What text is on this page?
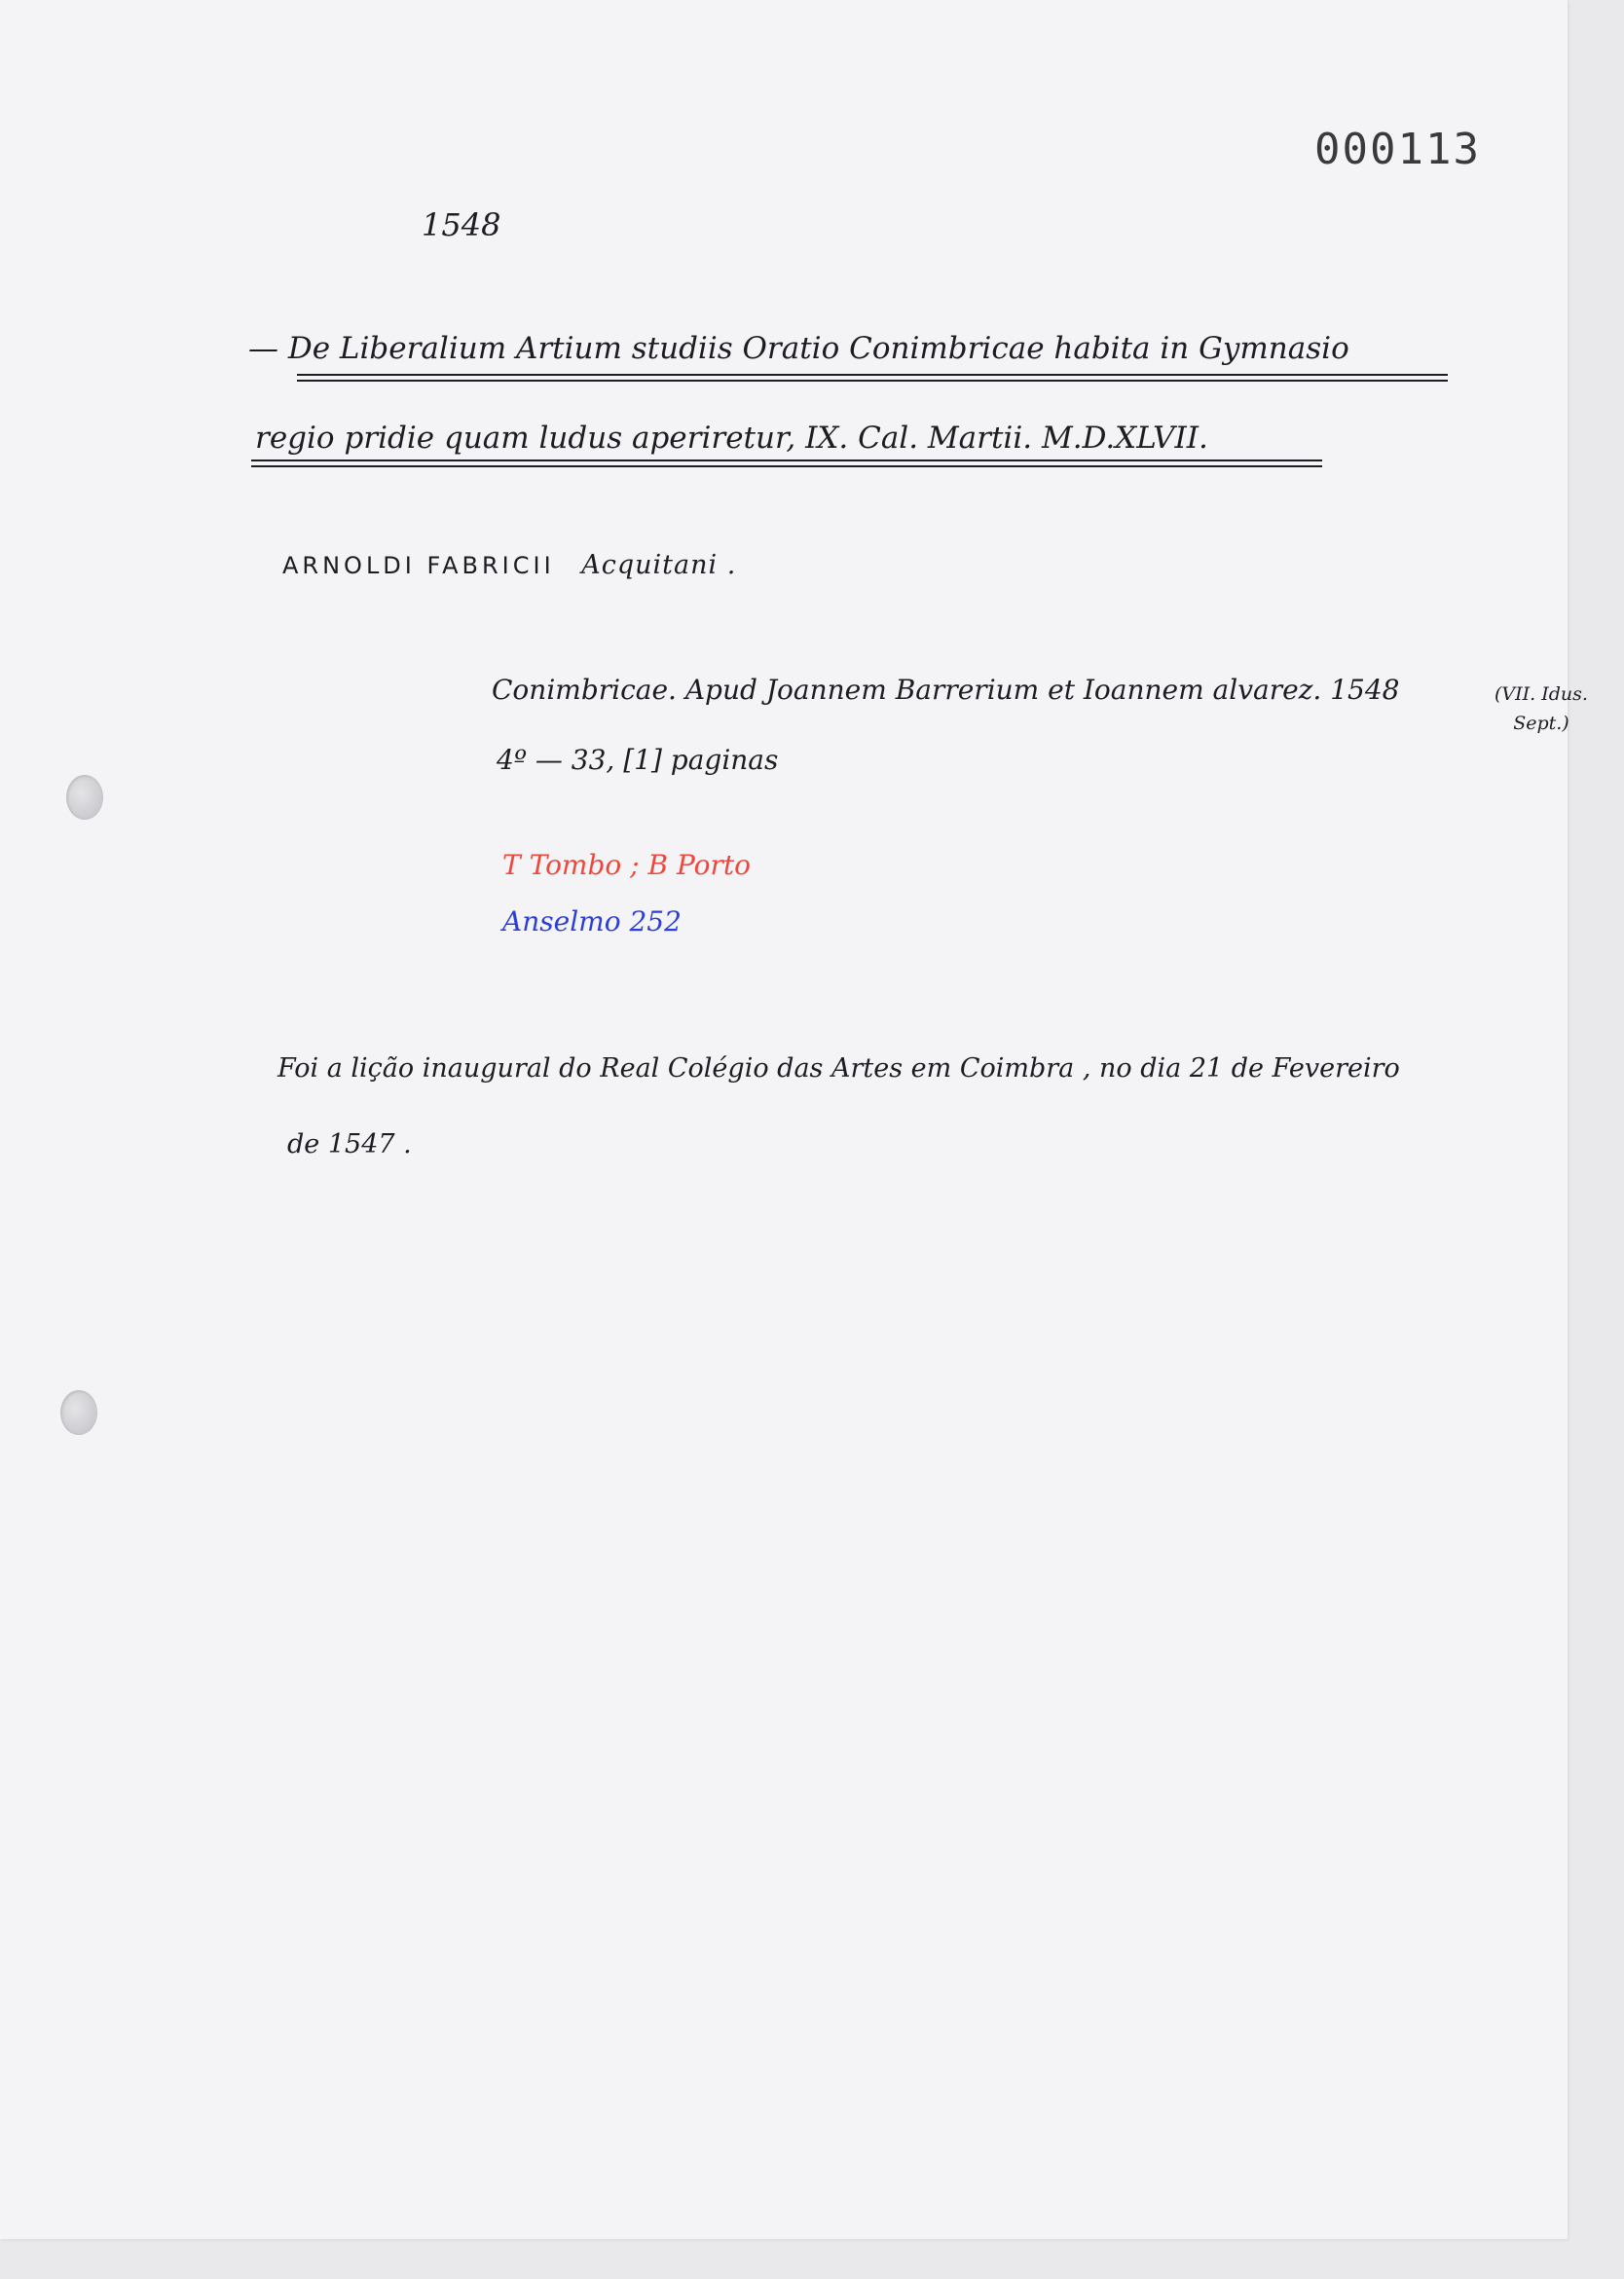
000113
1548
— De Liberalium Artium studiis Oratio Conimbricae habita in Gymnasio
regio pridie quam ludus aperiretur, IX. Cal. Martii. M.D.XLVII.
ARNOLDI FABRICII Acquitani .
Conimbricae. Apud Joannem Barrerium et Ioannem alvarez. 1548	(VII. Idus.
Sept.)
4º — 33, [1] paginas
T Tombo ; B Porto
Anselmo 252
Foi a lição inaugural do Real Colégio das Artes em Coimbra , no dia 21 de Fevereiro
de 1547 .
